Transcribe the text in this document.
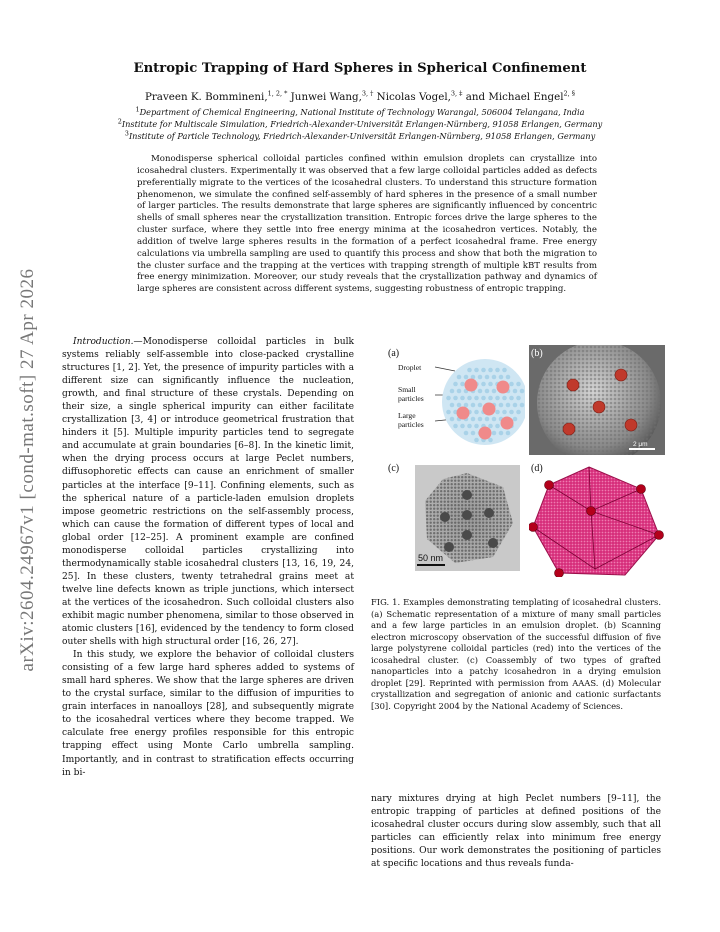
arXiv:2604.24967v1 [cond-mat.soft] 27 Apr 2026
Entropic Trapping of Hard Spheres in Spherical Confinement
Praveen K. Bommineni,$^{1, 2, *}$ Junwei Wang,$^{3, \dagger}$ Nicolas Vogel,$^{3, \ddagger}$ and Michael Engel$^{2, \S}$
$^1$Department of Chemical Engineering, National Institute of Technology Warangal, 506004 Telangana, India
$^2$Institute for Multiscale Simulation, Friedrich-Alexander-Universität Erlangen-Nürnberg, 91058 Erlangen, Germany
$^3$Institute of Particle Technology, Friedrich-Alexander-Universität Erlangen-Nürnberg, 91058 Erlangen, Germany
Monodisperse spherical colloidal particles confined within emulsion droplets can crystallize into icosahedral clusters. Experimentally it was observed that a few large colloidal particles added as defects preferentially migrate to the vertices of the icosahedral clusters. To understand this structure formation phenomenon, we simulate the confined self-assembly of hard spheres in the presence of a small number of larger particles. The results demonstrate that large spheres are significantly influenced by concentric shells of small spheres near the crystallization transition. Entropic forces drive the large spheres to the cluster surface, where they settle into free energy minima at the icosahedron vertices. Notably, the addition of twelve large spheres results in the formation of a perfect icosahedral frame. Free energy calculations via umbrella sampling are used to quantify this process and show that both the migration to the cluster surface and the trapping at the vertices with trapping strength of multiple kBT results from free energy minimization. Moreover, our study reveals that the crystallization pathway and dynamics of large spheres are consistent across different systems, suggesting robustness of entropic trapping.

Introduction.—Monodisperse colloidal particles in bulk systems reliably self-assemble into close-packed crystalline structures [1, 2]. Yet, the presence of impurity particles with a different size can significantly influence the nucleation, growth, and final structure of these crystals. Depending on their size, a single spherical impurity can either facilitate crystallization [3, 4] or introduce geometrical frustration that hinders it [5]. Multiple impurity particles tend to segregate and accumulate at grain boundaries [6–8]. In the kinetic limit, when the drying process occurs at large Peclet numbers, diffusophoretic effects can cause an enrichment of smaller particles at the interface [9–11]. Confining elements, such as the spherical nature of a particle-laden emulsion droplets impose geometric restrictions on the self-assembly process, which can cause the formation of different types of local and global order [12–25]. A prominent example are confined monodisperse colloidal particles crystallizing into thermodynamically stable icosahedral clusters [13, 16, 19, 24, 25]. In these clusters, twenty tetrahedral grains meet at twelve line defects known as triple junctions, which intersect at the vertices of the icosahedron. Such colloidal clusters also exhibit magic number phenomena, similar to those observed in atomic clusters [16], evidenced by the tendency to form closed outer shells with high structural order [16, 26, 27].

In this study, we explore the behavior of colloidal clusters consisting of a few large hard spheres added to systems of small hard spheres. We show that the large spheres are driven to the crystal surface, similar to the diffusion of impurities to grain interfaces in nanoalloys [28], and subsequently migrate to the icosahedral vertices where they become trapped. We calculate free energy profiles responsible for this entropic trapping effect using Monte Carlo umbrella sampling. Importantly, and in contrast to stratification effects occurring in bi-

(a)
Droplet
Small particles
Large particles
2 μm
(b)
(c)
50 nm
(d)
FIG. 1. Examples demonstrating templating of icosahedral clusters. (a) Schematic representation of a mixture of many small particles and a few large particles in an emulsion droplet. (b) Scanning electron microscopy observation of the successful diffusion of five large polystyrene colloidal particles (red) into the vertices of the icosahedral cluster. (c) Coassembly of two types of grafted nanoparticles into a patchy icosahedron in a drying emulsion droplet [29]. Reprinted with permission from AAAS. (d) Molecular crystallization and segregation of anionic and cationic surfactants [30]. Copyright 2004 by the National Academy of Sciences.

nary mixtures drying at high Peclet numbers [9–11], the entropic trapping of particles at defined positions of the icosahedral cluster occurs during slow assembly, such that all particles can efficiently relax into minimum free energy positions. Our work demonstrates the positioning of particles at specific locations and thus reveals funda-
